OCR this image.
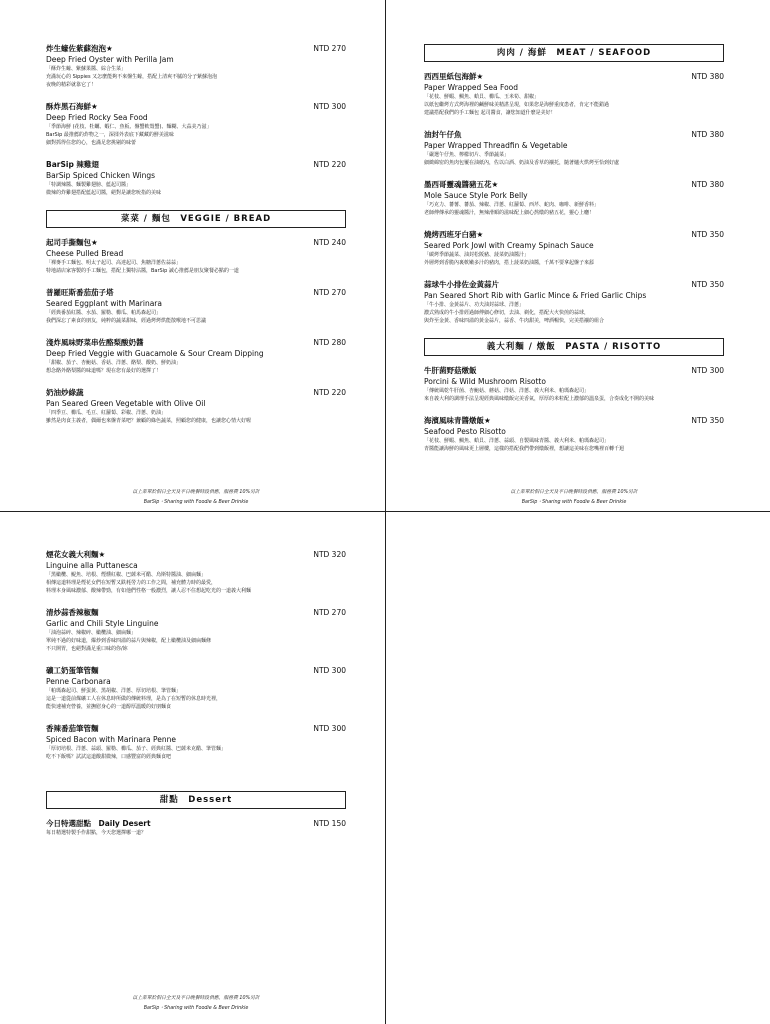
炸生蠔佐紫蘇泡泡★	NTD 270
Deep Fried Oyster with Perilla Jam
「酥炸生蠔、紫蘇果醬、綜合生菜」
充滿玩心的 Sippies 又怎麼能夠不來盤生蠔，搭配上清爽不膩的分子紫蘇泡泡
夜晚的精彩就靠它了！
酥炸黑石海鮮★	NTD 300
Deep Fried Rocky Sea Food
「季節海鮮 (花枝、牡蠣、蝦仁、魚板、盤蟹軟殼蟹)、麵糊、大蒜美乃滋」
BarSip 最推薦的炸物之一，深揉外表底下藏藏的鮮美滋味
細對抓得住您的心，也滿足您挑剔的味蕾
BarSip 辣雞翅	NTD 220
BarSip Spiced Chicken Wings
「特調辣醬、麵製雞翅膀、藍起司醬」
微辣的炸雞翅搭配藍起司醬，絕對是讓您吮指的美味
菜菜 / 麵包　VEGGIE / BREAD
起司手撕麵包★	NTD 240
Cheese Pulled Bread
「裸麥手工麵包、明太子起司、高達起司、焦糖洋蔥佐蒜蒜」
特地請店家客製的手工麵包，搭配上獨特沾醬，BarSip 誠心推薦是朋友聚餐必點的一道
普羅旺斯番茄茄子塔	NTD 270
Seared Eggplant with Marinara
「經典番茄紅醬、水茄、羅勒、櫛瓜、帕馬森起司」
我們深忘了素食的朋友，純粹的蔬菜甜味，經過烤烤烘能散喉地不可思議
淺炸風味野菜串佐酪梨酸奶醬	NTD 280
Deep Fried Veggie with Guacamole & Sour Cream Dipping
「甜椒、茄子、杏鮑菇、香菇、洋蔥、酪梨、酸奶、鮮奶油」
想念酪外酪梨醬的味道嗎？現在您有最好的選擇了！
奶油炒綠蔬	NTD 220
Pan Seared Green Vegetable with Olive Oil
「四季豆、櫛瓜、毛豆、紅蘿蔔、彩椒、洋蔥、奶油」
雖然是肉食主義者，偶爾也來盤青菜吧？兼顧的綠色蔬菜，照顧您的健康，也讓您心情大好喔
以上菜單於假日全天及平日晚餐時段供應，服務費 10%另計
BarSip・Sharing with Foodie & Beer Drinkie
肉肉 / 海鮮　MEAT / SEAFOOD
西西里紙包海鮮★	NTD 380
Paper Wrapped Sea Food
「花枝、鮮蝦、鯛魚、蛤貝、櫛瓜、玉米筍、甜椒」
以紙包繼烤方式烤海裡的鹹鮮味美精湛呈現，如果您是海鮮重度患者，肯定不能錯過
建議搭配我們的手工麵包 起司醬食，讓您知道什麼是美好！
油封午仔魚	NTD 380
Paper Wrapped Threadfin & Vegetable
「嚴選午仔魚、檸檬切片、季節蔬菜」
細緻綿密的魚肉包覆在油紙內，佐以白酒、奶油及香草的襯托，隨著爐火烘烤至恰到好處
墨西哥靈魂醬豬五花★	NTD 380
Mole Sauce Style Pork Belly
「巧克力、蕃薯、蕃茄、辣椒、洋蔥、紅蘿蔔、西芹、蛇肉、咖啡、新鮮香料」
老師傅傳承的靈魂醬汁，無辣滑順的滋味配上細心熬燉的豬五花，靈心上癮！
燒烤西班牙白豬★	NTD 350
Seared Pork Jowl with Creamy Spinach Sauce
「碳烤季節蔬菜、油封松阪豬、菠菜奶油醬汁」
外層烤到香脆內裏軟嫩多汁的豬肉，搭上菠菜奶油醬，千萬不要拿起盤子來舔
蒜球牛小排佐金黃蒜片	NTD 350
Pan Seared Short Rib with Garlic Mince & Fried Garlic Chips
「牛小排、金黃蒜片、功夫油封蒜球、洋蔥」
濃式熟成的牛小排經過師傅細心修切，去油、剃化，搭配大火快煎的蒜球，
與炸至金黃、香味四溢的黃金蒜片，蒜香、牛肉甜美，啤酒暢快，完美搭襯的組合
義大利麵 / 燉飯　PASTA / RISOTTO
牛肝菌野菇燉飯	NTD 300
Porcini & Wild Mushroom Risotto
「傳統風乾牛肝菌、杏鮑菇、蘑菇、洋菇、洋蔥、義大利米、帕瑪森起司」
來自義大利的調理手法呈現經典風味燉飯完美香氣，厚厚的米粒配上濃郁的溫泉蛋，合奏成化不開的美味
海濱風味青醬燉飯★	NTD 350
Seafood Pesto Risotto
「花枝、鮮蝦、鯛魚、蛤貝、洋蔥、蒜頭、自製風味青醬、義大利米、帕瑪森起司」
青醬能讓海鮮的風味更上層樓，這樣的搭配我們帶到燉飯裡，想讓這美味在您嘴裡百轉千迴
以上菜單於假日全天及平日晚餐時段供應，服務費 10%另計
BarSip・Sharing with Foodie & Beer Drinkie
煙花女義大利麵★	NTD 320
Linguine alla Puttanesca
「黑橄欖、鯷魚、培根、煙燻紅椒、巴薩米可醋、烏斯特醬油、細扁麵」
相傳這道料理是煙花女們在短暫又跌耗勞力的工作之間，補充體力時的最愛，
料理本身風味濃郁、酸辣帶勁，有如他們性格一般濃烈，讓人忍不住想起吃光的一道義大利麵
清炒蒜香辣椒麵	NTD 270
Garlic and Chili Style Linguine
「油泡蒜碎、辣椒碎、橄欖油、細扁麵」
單純不過的好味道，爆炒到香味四溢的蒜片與辣椒，配上橄欖油及細扁麵條
不只開胃，也絕對滿足重口味的你/妳
礦工奶蛋筆管麵	NTD 300
Penne Carbonara
「帕瑪森起司、鮮蛋黃、黑胡椒、洋蔥、厚切培根、筆管麵」
這是一道從前煤礦工人在休息時所做的傳統料理，是為了在短暫的休息時光裡，
能快速補充營養，並撫慰身心的一道醇厚溫暖的好朋麵食
香辣番茄筆管麵	NTD 300
Spiced Bacon with Marinara Penne
「厚切培根、洋蔥、蒜頭、羅勒、櫛瓜、茄子、經典紅醬、巴薩米克醋、筆管麵」
吃不下飯嗎？試試這道酸甜微辣，口感豐富的經典麵食吧
甜點　Dessert
今日特選甜點　Daily Desert	NTD 150
每日精選特製手作甜點，今天您選擇哪一道？
以上菜單於假日全天及平日晚餐時段供應，服務費 10%另計
BarSip・Sharing with Foodie & Beer Drinkie
